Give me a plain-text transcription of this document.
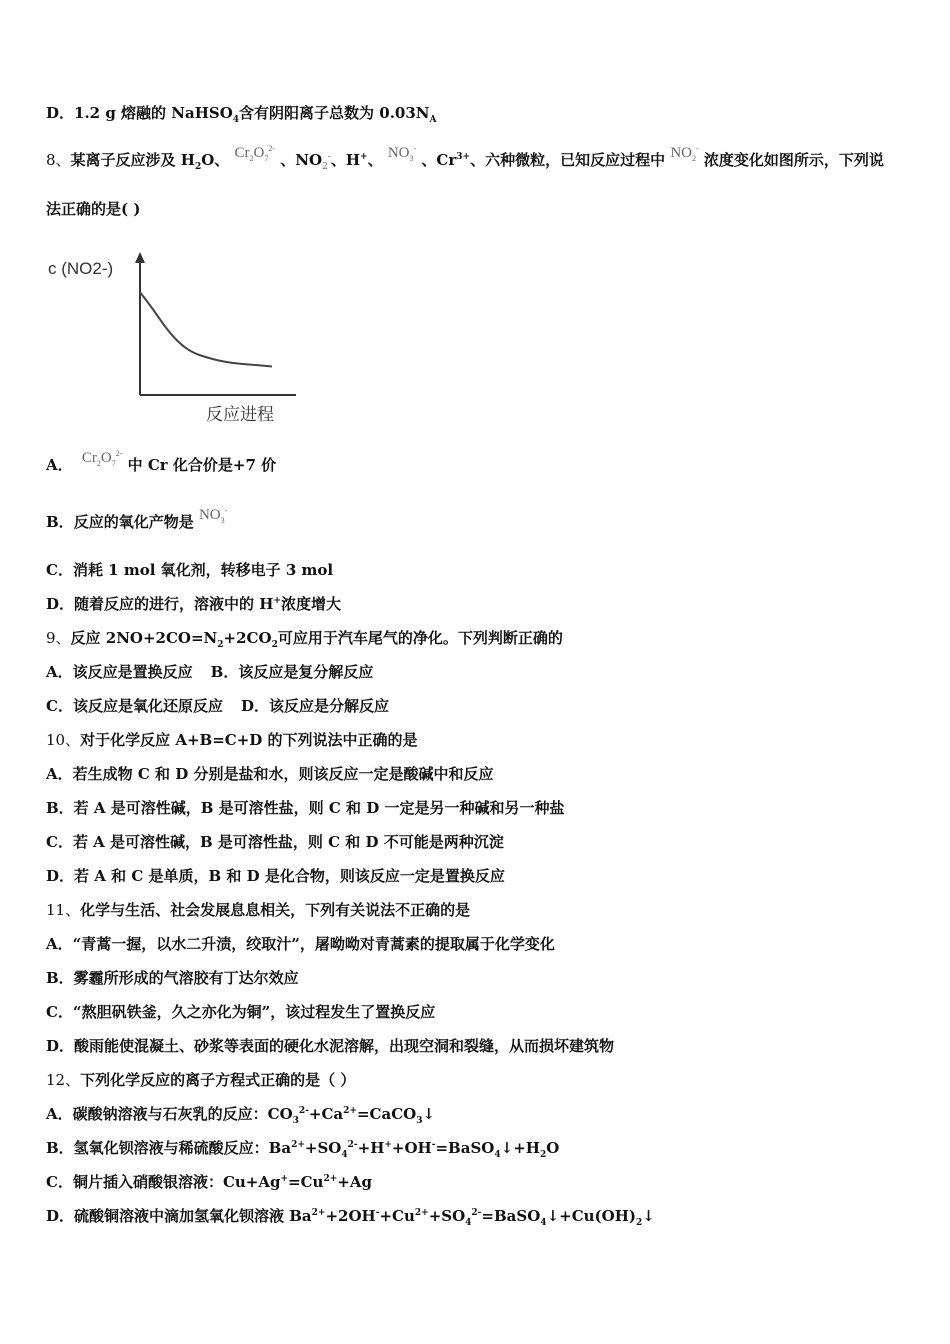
D．1.2 g 熔融的 NaHSO$_4$含有阴阳离子总数为 $0.03N_A$
8、某离子反应涉及 $H_2O$、 $Cr_2O_7^{2-}$ 、$NO_2^-$、H+、 $NO_3^-$ 、$Cr^{3+}$、六种微粒，已知反应过程中 $NO_2^-$ 浓度变化如图所示，下列说
法正确的是( )
c (NO2-)
反应进程
A． $Cr_2O_7^{2-}$ 中 Cr 化合价是+7 价
B．反应的氧化产物是 $NO_3^-$
C．消耗 1 mol 氧化剂，转移电子 3 mol
D．随着反应的进行，溶液中的 H+浓度增大
9、反应 $2NO+2CO=N_2+2CO_2$可应用于汽车尾气的净化。下列判断正确的
A．该反应是置换反应 B．该反应是复分解反应
C．该反应是氧化还原反应 D．该反应是分解反应
10、对于化学反应 A+B=C+D 的下列说法中正确的是
A．若生成物 C 和 D 分别是盐和水，则该反应一定是酸碱中和反应
B．若 A 是可溶性碱，B 是可溶性盐，则 C 和 D 一定是另一种碱和另一种盐
C．若 A 是可溶性碱，B 是可溶性盐，则 C 和 D 不可能是两种沉淀
D．若 A 和 C 是单质，B 和 D 是化合物，则该反应一定是置换反应
11、化学与生活、社会发展息息相关，下列有关说法不正确的是
A．“青蒿一握，以水二升渍，绞取汁”，屠呦呦对青蒿素的提取属于化学变化
B．雾霾所形成的气溶胶有丁达尔效应
C．“熬胆矾铁釜，久之亦化为铜”，该过程发生了置换反应
D．酸雨能使混凝土、砂浆等表面的硬化水泥溶解，出现空洞和裂缝，从而损坏建筑物
12、下列化学反应的离子方程式正确的是（ ）
A．碳酸钠溶液与石灰乳的反应：$CO_3^{2-}+Ca^{2+}=CaCO_3↓$
B．氢氧化钡溶液与稀硫酸反应：$Ba^{2+}+SO_4^{2-}+H^++OH^-=BaSO_4↓+H_2O$
C．铜片插入硝酸银溶液：$Cu+Ag^+=Cu^{2+}+Ag$
D．硫酸铜溶液中滴加氢氧化钡溶液 $Ba^{2+}+2OH^-+Cu^{2+}+SO_4^{2-}=BaSO_4↓+Cu(OH)_2↓$
